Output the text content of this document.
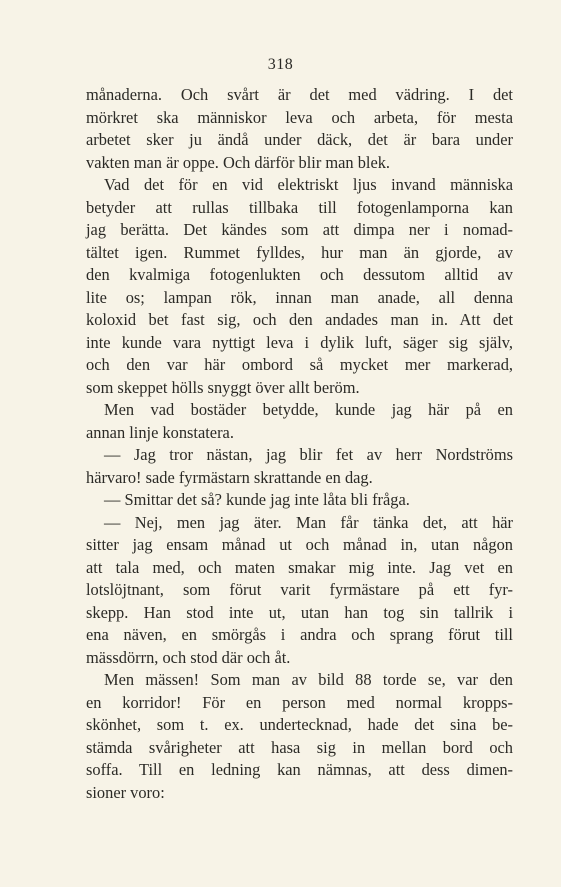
318
månaderna. Och svårt är det med vädring. I det
mörkret ska människor leva och arbeta, för mesta
arbetet sker ju ändå under däck, det är bara under
vakten man är oppe. Och därför blir man blek.
Vad det för en vid elektriskt ljus invand människa
betyder att rullas tillbaka till fotogenlamporna kan
jag berätta. Det kändes som att dimpa ner i nomad-
tältet igen. Rummet fylldes, hur man än gjorde, av
den kvalmiga fotogenlukten och dessutom alltid av
lite os; lampan rök, innan man anade, all denna
koloxid bet fast sig, och den andades man in. Att det
inte kunde vara nyttigt leva i dylik luft, säger sig själv,
och den var här ombord så mycket mer markerad,
som skeppet hölls snyggt över allt beröm.
Men vad bostäder betydde, kunde jag här på en
annan linje konstatera.
— Jag tror nästan, jag blir fet av herr Nordströms
härvaro! sade fyrmästarn skrattande en dag.
— Smittar det så? kunde jag inte låta bli fråga.
— Nej, men jag äter. Man får tänka det, att här
sitter jag ensam månad ut och månad in, utan någon
att tala med, och maten smakar mig inte. Jag vet en
lotslöjtnant, som förut varit fyrmästare på ett fyr-
skepp. Han stod inte ut, utan han tog sin tallrik i
ena näven, en smörgås i andra och sprang förut till
mässdörrn, och stod där och åt.
Men mässen! Som man av bild 88 torde se, var den
en korridor! För en person med normal kropps-
skönhet, som t. ex. undertecknad, hade det sina be-
stämda svårigheter att hasa sig in mellan bord och
soffa. Till en ledning kan nämnas, att dess dimen-
sioner voro:
